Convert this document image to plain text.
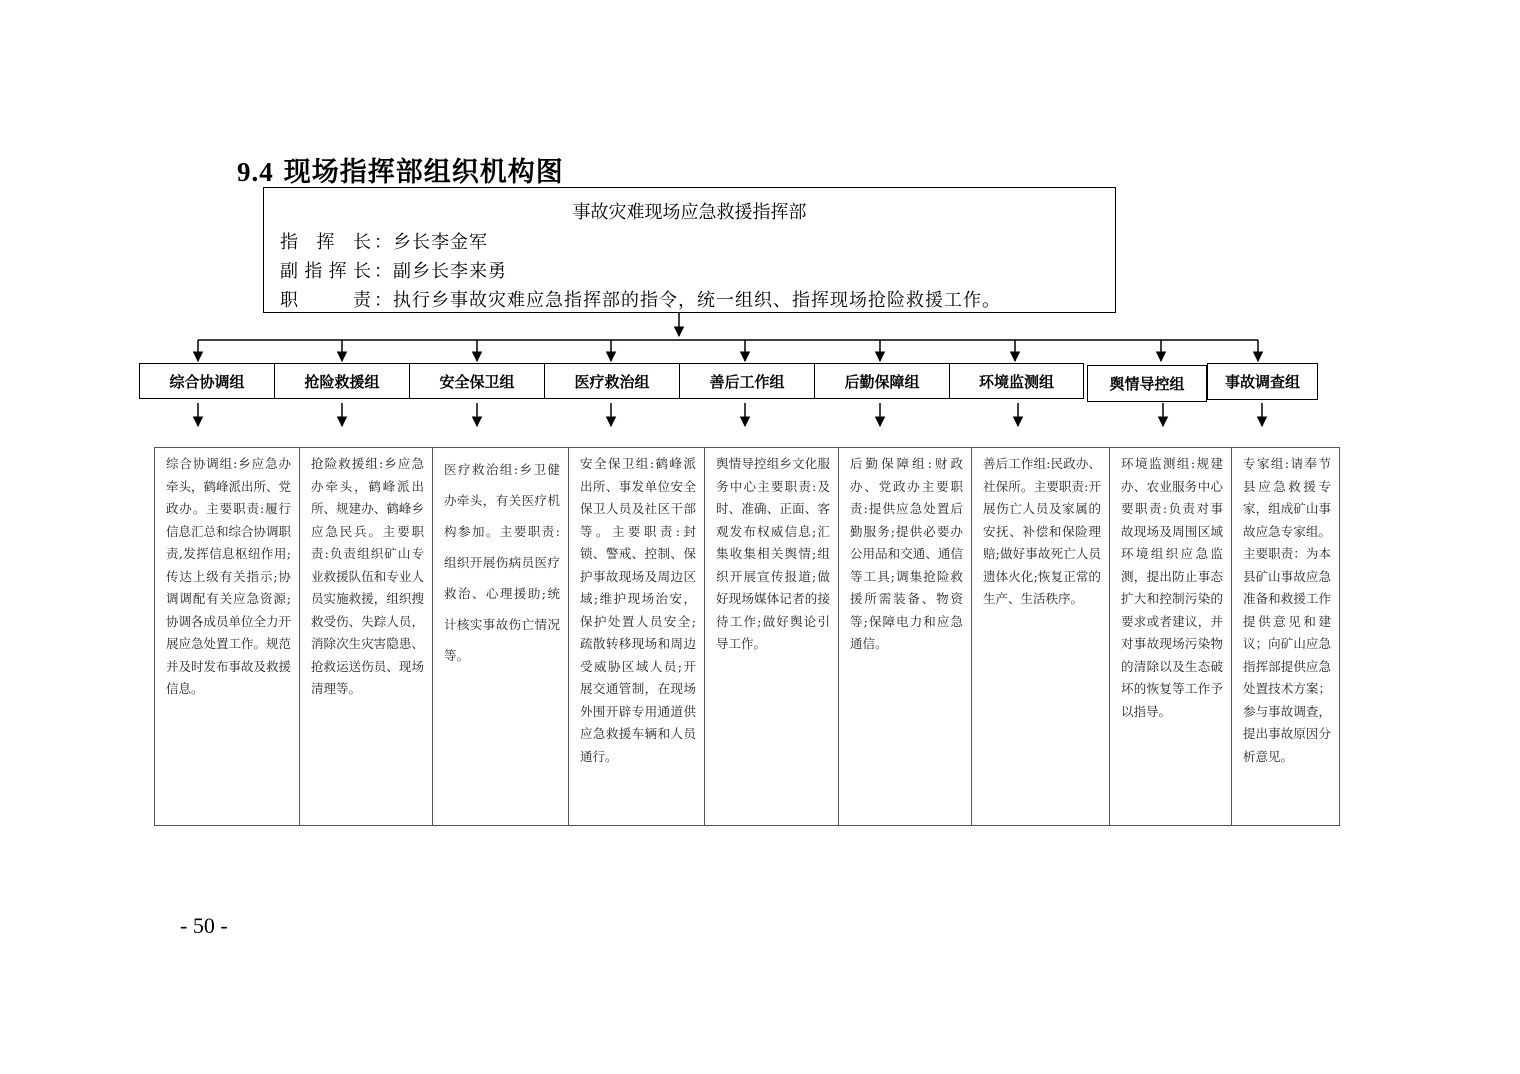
9.4 现场指挥部组织机构图
事故灾难现场应急救援指挥部
指 挥 长 ：乡长李金军
副指挥长 ：副乡长李来勇
职　　责 ：执行乡事故灾难应急指挥部的指令，统一组织、指挥现场抢险救援工作。
综合协调组	抢险救援组	安全保卫组	医疗救治组	善后工作组	后勤保障组	环境监测组	舆情导控组	事故调查组
综合协调组:乡应急办牵头，鹤峰派出所、党政办。主要职责:履行信息汇总和综合协调职责,发挥信息枢纽作用;传达上级有关指示;协调调配有关应急资源;协调各成员单位全力开展应急处置工作。规范并及时发布事故及救援信息。
抢险救援组:乡应急办牵头，鹤峰派出所、规建办、鹤峰乡应急民兵。主要职责:负责组织矿山专业救援队伍和专业人员实施救援，组织搜救受伤、失踪人员，消除次生灾害隐患、抢救运送伤员、现场清理等。
医疗救治组:乡卫健办牵头，有关医疗机构参加。主要职责:组织开展伤病员医疗救治、心理援助;统计核实事故伤亡情况等。
安全保卫组:鹤峰派出所、事发单位安全保卫人员及社区干部等。主要职责:封锁、警戒、控制、保护事故现场及周边区域;维护现场治安，保护处置人员安全;疏散转移现场和周边受威胁区域人员;开展交通管制，在现场外围开辟专用通道供应急救援车辆和人员通行。
舆情导控组乡文化服务中心主要职责:及时、准确、正面、客观发布权威信息;汇集收集相关舆情;组织开展宣传报道;做好现场媒体记者的接待工作;做好舆论引导工作。
后勤保障组:财政办、党政办主要职责:提供应急处置后勤服务;提供必要办公用品和交通、通信等工具;调集抢险救援所需装备、物资等;保障电力和应急通信。
善后工作组:民政办、社保所。主要职责:开展伤亡人员及家属的安抚、补偿和保险理赔;做好事故死亡人员遗体火化;恢复正常的生产、生活秩序。
环境监测组:规建办、农业服务中心要职责:负责对事故现场及周围区域环境组织应急监测，提出防止事态扩大和控制污染的要求或者建议，并对事故现场污染物的清除以及生态破坏的恢复等工作予以指导。
专家组:请奉节县应急救援专家，组成矿山事故应急专家组。主要职责：为本县矿山事故应急准备和救援工作提供意见和建议；向矿山应急指挥部提供应急处置技术方案；参与事故调查，提出事故原因分析意见。
- 50 -
